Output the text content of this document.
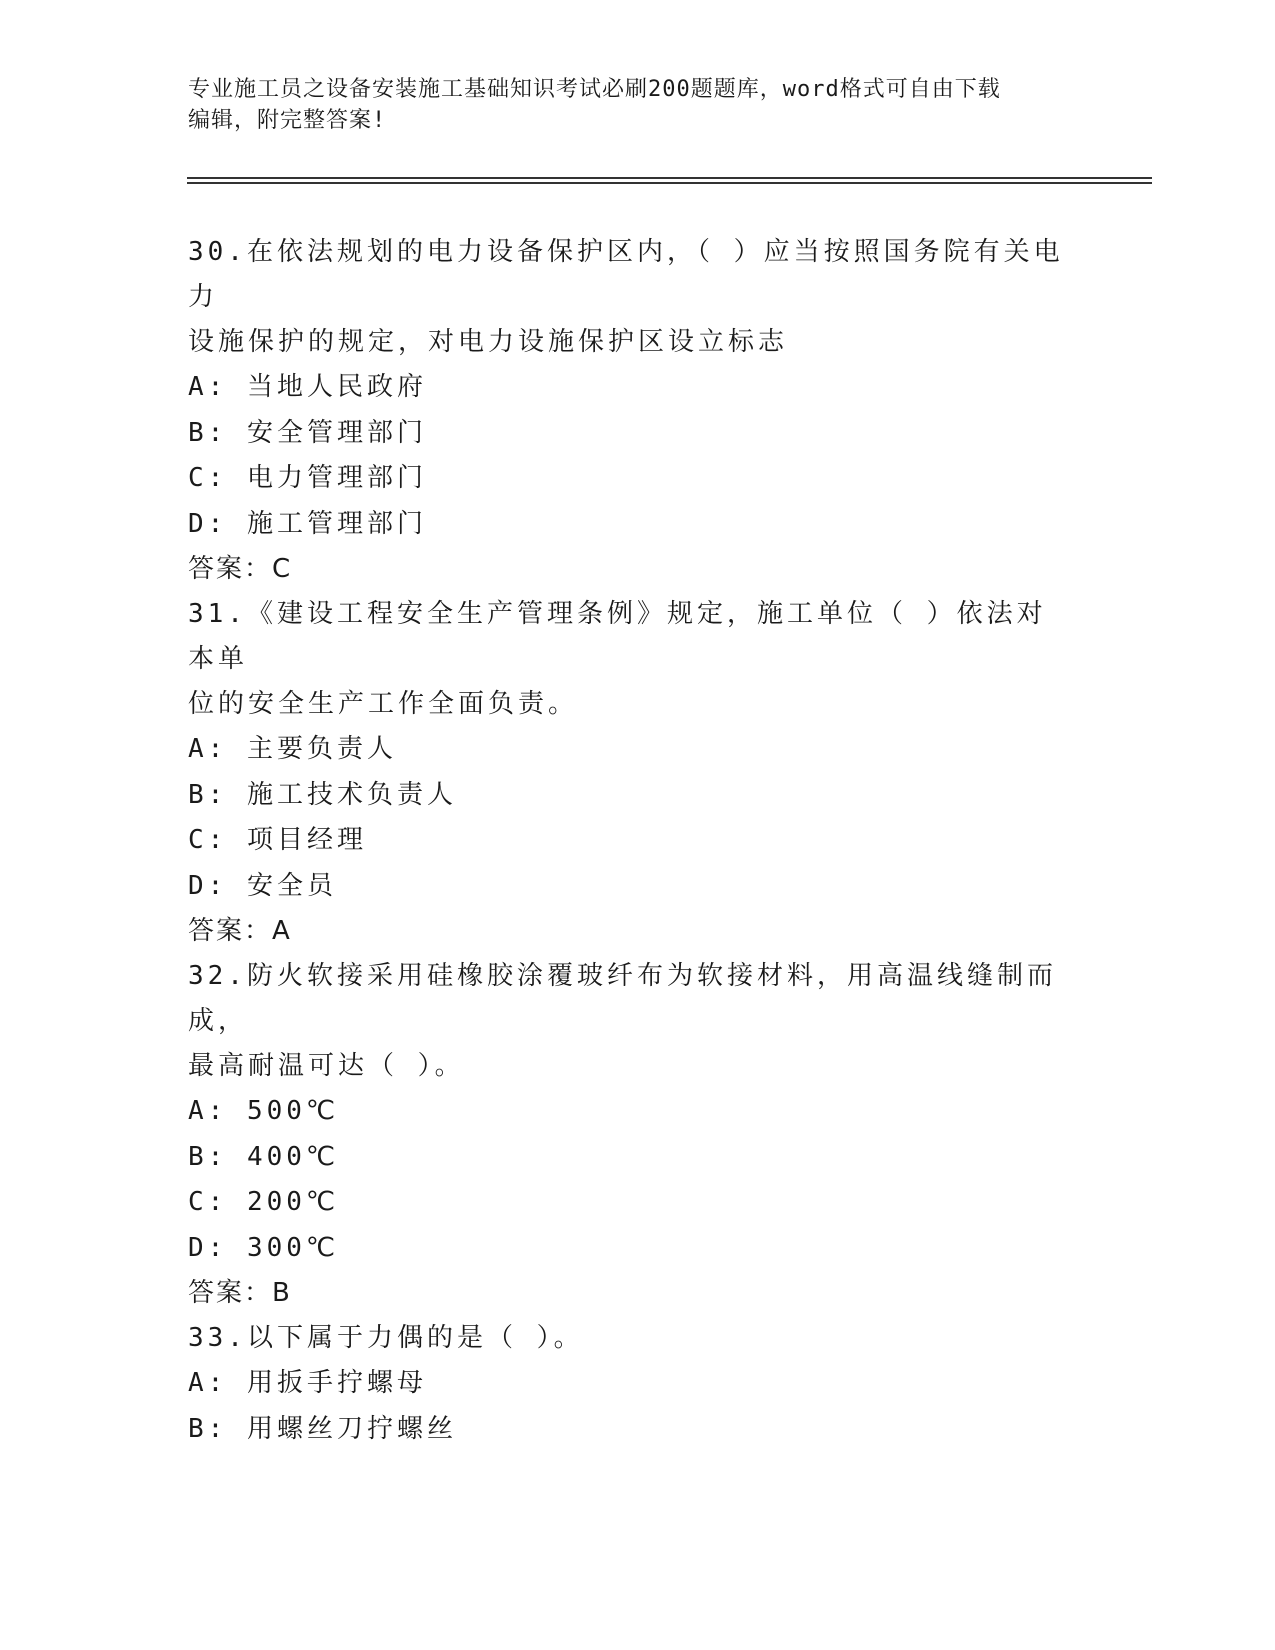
专业施工员之设备安装施工基础知识考试必刷200题题库，word格式可自由下载
编辑，附完整答案!
30.在依法规划的电力设备保护区内，（ ）应当按照国务院有关电力
设施保护的规定，对电力设施保护区设立标志
A: 当地人民政府
B: 安全管理部门
C: 电力管理部门
D: 施工管理部门
答案：C
31.《建设工程安全生产管理条例》规定，施工单位（ ）依法对本单
位的安全生产工作全面负责。
A: 主要负责人
B: 施工技术负责人
C: 项目经理
D: 安全员
答案：A
32.防火软接采用硅橡胶涂覆玻纤布为软接材料，用高温线缝制而成，
最高耐温可达（ ）。
A: 500℃
B: 400℃
C: 200℃
D: 300℃
答案：B
33.以下属于力偶的是（ ）。
A: 用扳手拧螺母
B: 用螺丝刀拧螺丝
